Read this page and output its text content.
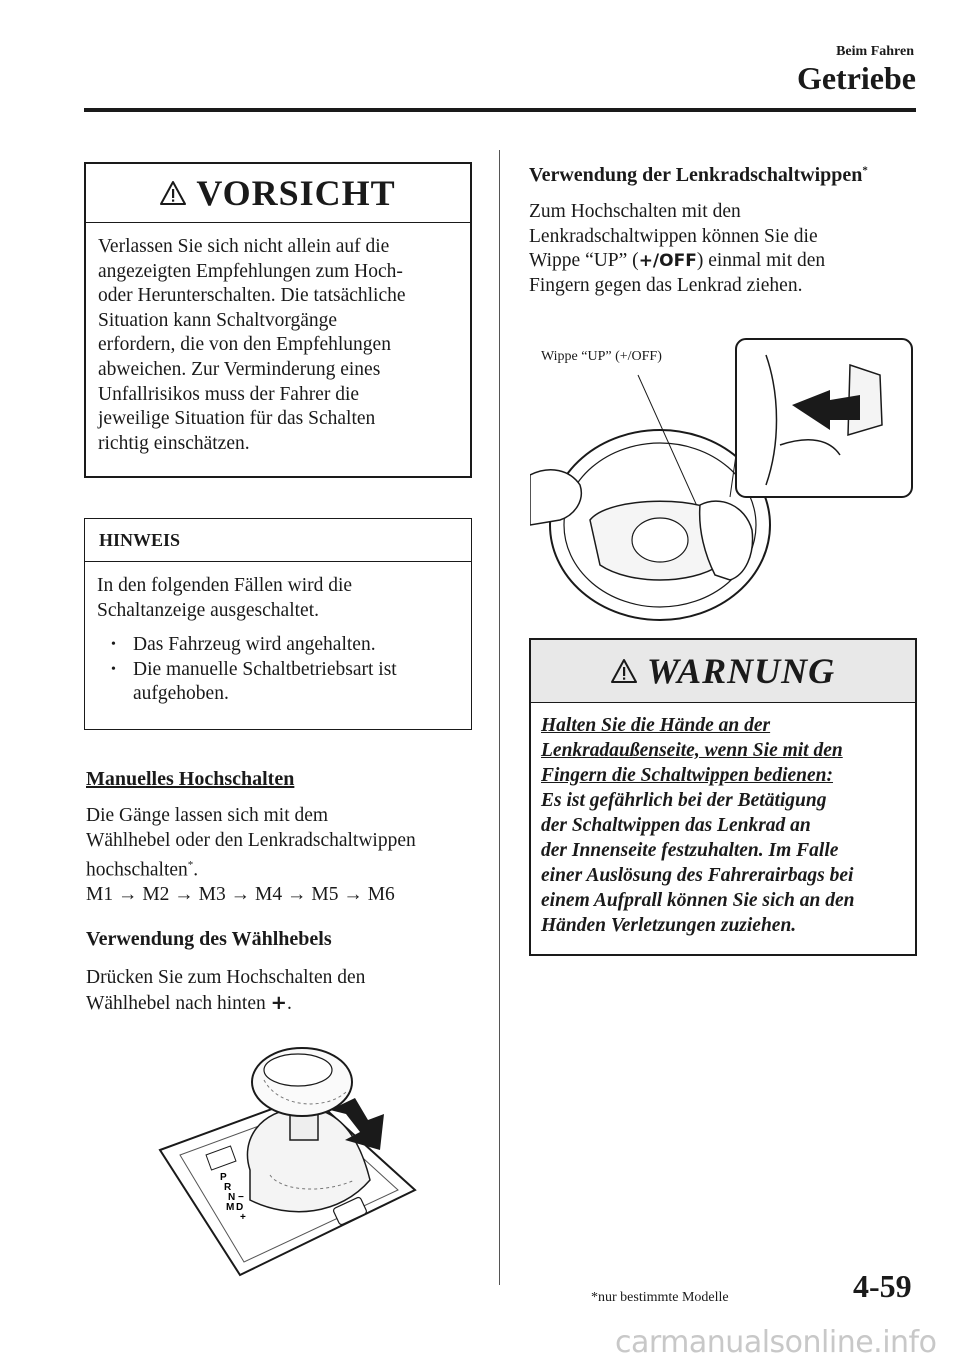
Beim Fahren
Getriebe
VORSICHT
Verlassen Sie sich nicht allein auf die
angezeigten Empfehlungen zum Hoch-
oder Herunterschalten. Die tatsächliche
Situation kann Schaltvorgänge
erfordern, die von den Empfehlungen
abweichen. Zur Verminderung eines
Unfallrisikos muss der Fahrer die
jeweilige Situation für das Schalten
richtig einschätzen.
HINWEIS
In den folgenden Fällen wird die
Schaltanzeige ausgeschaltet.
• Das Fahrzeug wird angehalten.
• Die manuelle Schaltbetriebsart ist aufgehoben.
Manuelles Hochschalten
Die Gänge lassen sich mit dem
Wählhebel oder den Lenkradschaltwippen
hochschalten*.
M1 → M2 → M3 → M4 → M5 → M6
Verwendung des Wählhebels
Drücken Sie zum Hochschalten den
Wählhebel nach hinten +.
P
R
N
D
M
−
+
Verwendung der Lenkradschaltwippen*
Zum Hochschalten mit den
Lenkradschaltwippen können Sie die
Wippe “UP” (+/OFF) einmal mit den
Fingern gegen das Lenkrad ziehen.
Wippe “UP” (+/OFF)
WARNUNG
Halten Sie die Hände an der
Lenkradaußenseite, wenn Sie mit den
Fingern die Schaltwippen bedienen:
Es ist gefährlich bei der Betätigung
der Schaltwippen das Lenkrad an
der Innenseite festzuhalten. Im Falle
einer Auslösung des Fahrerairbags bei
einem Aufprall können Sie sich an den
Händen Verletzungen zuziehen.
*nur bestimmte Modelle	4-59
carmanualsonline.info
